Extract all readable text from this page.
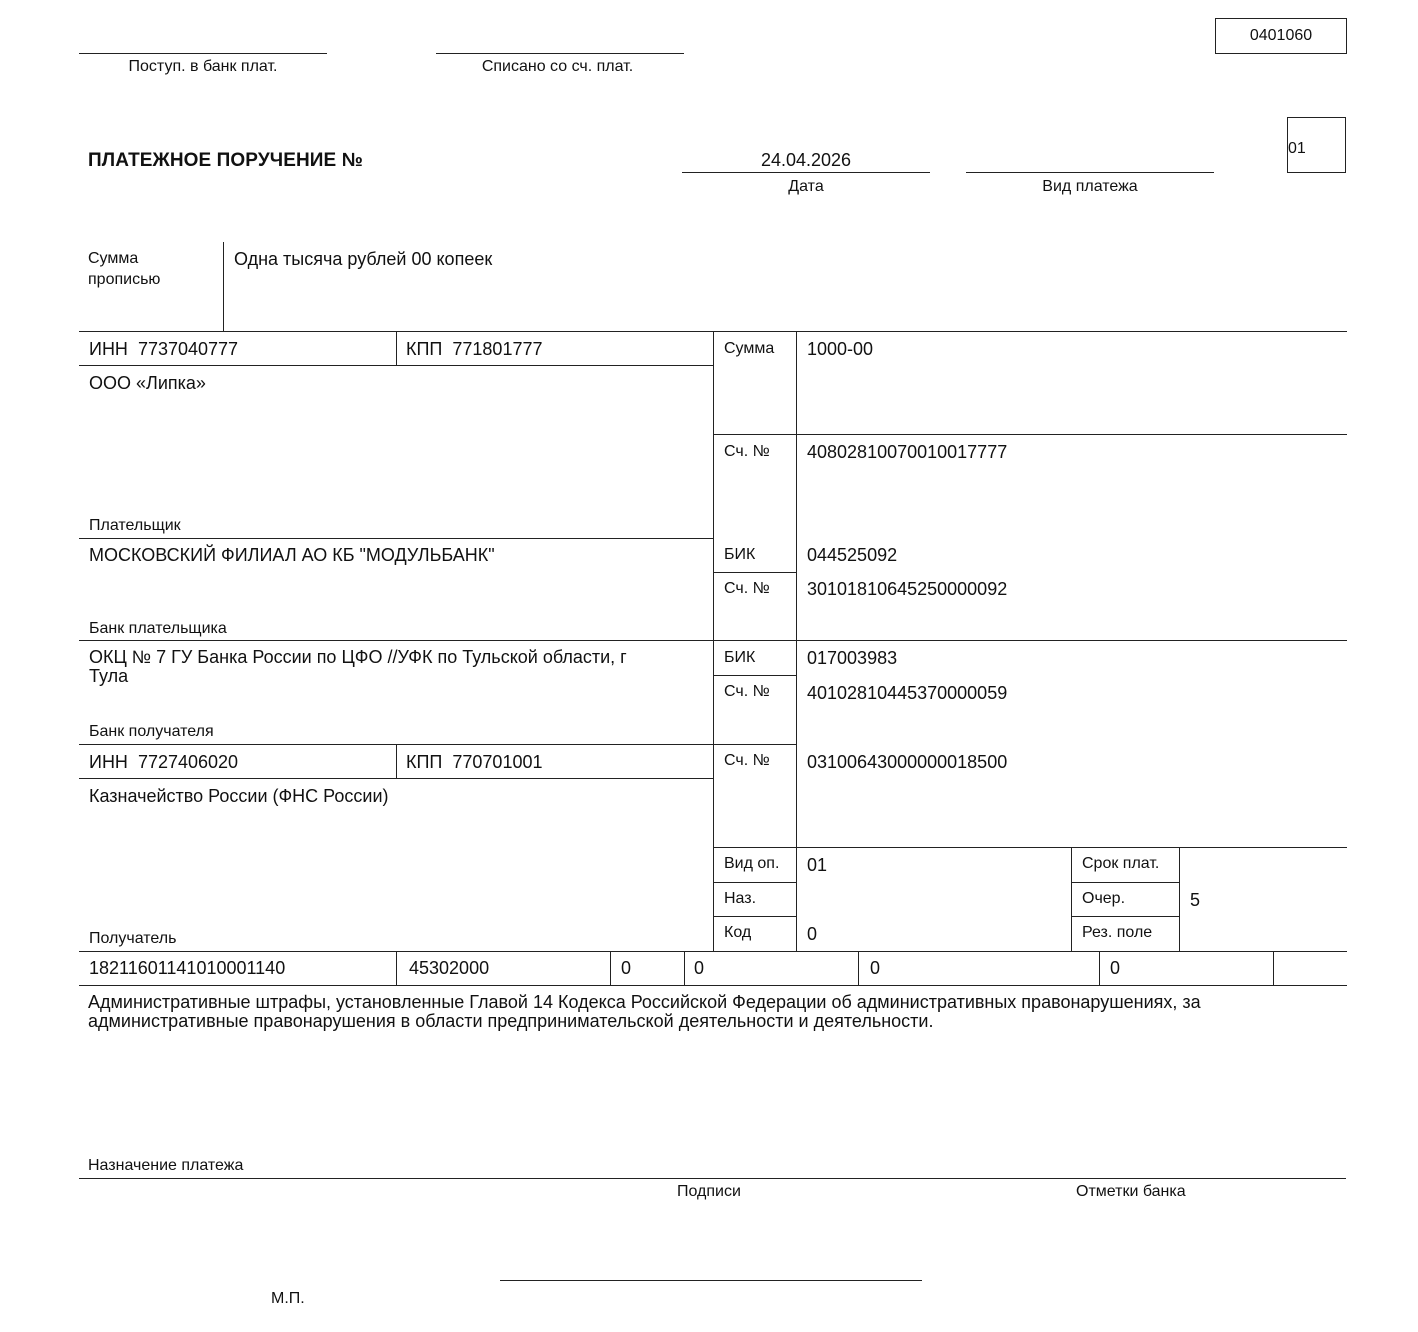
0401060
Поступ. в банк плат.	Списано со сч. плат.
ПЛАТЕЖНОЕ ПОРУЧЕНИЕ №	24.04.2026
Дата	Вид платежа
01
Сумма
прописью
Одна тысяча рублей 00 копеек
ИНН 7737040777	КПП 771801777
ООО «Липка»
Плательщик
Сумма 1000-00
Сч. № 40802810070010017777
МОСКОВСКИЙ ФИЛИАЛ АО КБ "МОДУЛЬБАНК"
Банк плательщика
БИК	044525092
Сч. № 30101810645250000092
ОКЦ № 7 ГУ Банка России по ЦФО //УФК по Тульской области, г
Тула
Банк получателя
БИК	017003983
Сч. № 40102810445370000059
ИНН 7727406020	КПП 770701001
Казначейство России (ФНС России)
Получатель
Сч. № 03100643000000018500
Вид оп. 01
Наз.
Код	0
Срок плат.
Очер.	5
Рез. поле
18211601141010001140	45302000	0	0	0	0
Административные штрафы, установленные Главой 14 Кодекса Российской Федерации об административных правонарушениях, за
административные правонарушения в области предпринимательской деятельности и деятельности.
Назначение платежа
Подписи	Отметки банка
М.П.
